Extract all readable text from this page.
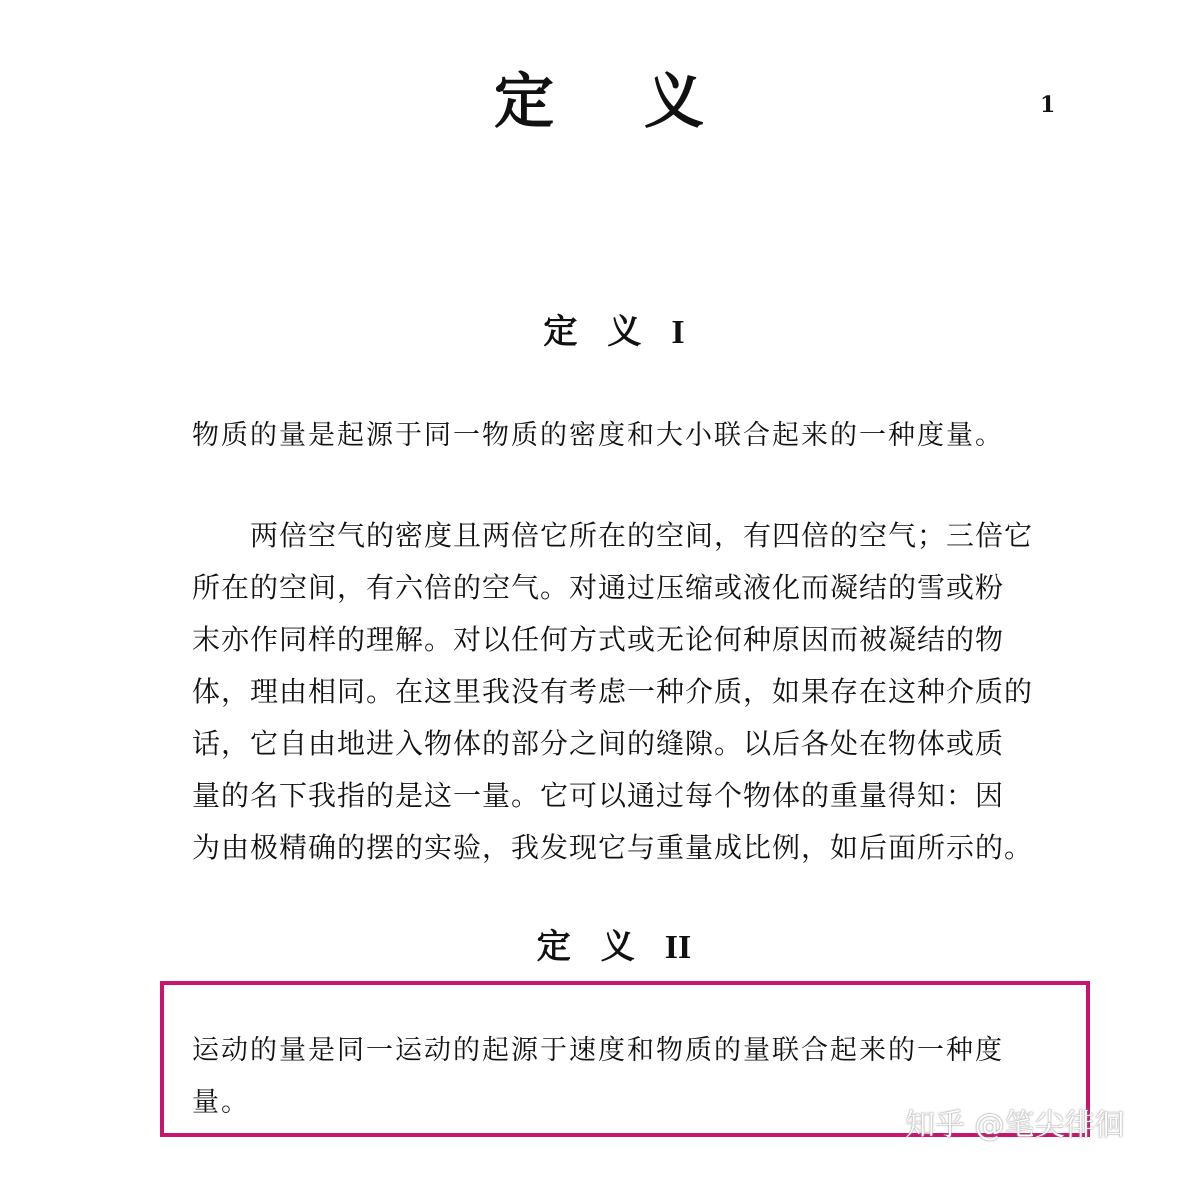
定 义	1
定 义 I
物质的量是起源于同一物质的密度和大小联合起来的一种度量。
两倍空气的密度且两倍它所在的空间，有四倍的空气；三倍它
所在的空间，有六倍的空气。对通过压缩或液化而凝结的雪或粉
末亦作同样的理解。对以任何方式或无论何种原因而被凝结的物
体，理由相同。在这里我没有考虑一种介质，如果存在这种介质的
话，它自由地进入物体的部分之间的缝隙。以后各处在物体或质
量的名下我指的是这一量。它可以通过每个物体的重量得知：因
为由极精确的摆的实验，我发现它与重量成比例，如后面所示的。
定 义 II
运动的量是同一运动的起源于速度和物质的量联合起来的一种度
量。
知乎 @笔尖徘徊
